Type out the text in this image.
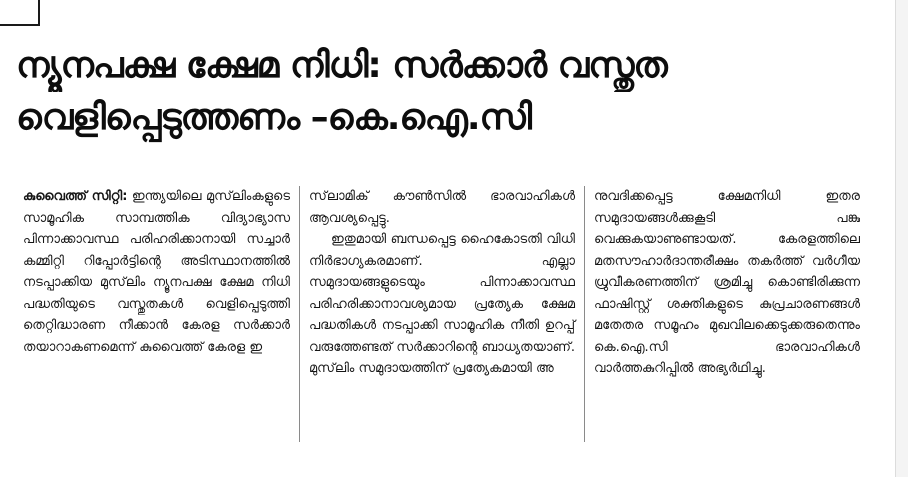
ന്യൂനപക്ഷ ക്ഷേമ നിധി: സർക്കാർ വസ്തുത
വെളിപ്പെടുത്തണം –കെ.ഐ.സി

കുവൈത്ത് സിറ്റി: ഇന്ത്യയിലെ മുസ്‌ലിംകളുടെ സാമൂഹിക സാമ്പത്തിക വിദ്യാഭ്യാസ പിന്നാക്കാവസ്ഥ പരിഹരിക്കാനായി സച്ചാർ കമ്മിറ്റി റിപ്പോർട്ടിന്റെ അടിസ്ഥാനത്തിൽ നടപ്പാക്കിയ മുസ്‌ലിം ന്യൂനപക്ഷ ക്ഷേമ നിധി പദ്ധതിയുടെ വസ്തുതകൾ വെളിപ്പെടുത്തി തെറ്റിദ്ധാരണ നീക്കാൻ കേരള സർക്കാർ തയാറാകണമെന്ന് കുവൈത്ത് കേരള ഇ

സ്‌ലാമിക് കൗൺസിൽ ഭാരവാഹികൾ ആവശ്യപ്പെട്ടു.

ഇതുമായി ബന്ധപ്പെട്ട ഹൈകോടതി വിധി നിർഭാഗ്യകരമാണ്. എല്ലാ സമുദായങ്ങളുടെയും പിന്നാക്കാവസ്ഥ പരിഹരിക്കാനാവശ്യമായ പ്രത്യേക ക്ഷേമ പദ്ധതികൾ നടപ്പാക്കി സാമൂഹിക നീതി ഉറപ്പ് വരുത്തേണ്ടത് സർക്കാറിന്റെ ബാധ്യതയാണ്. മുസ്‌ലിം സമുദായത്തിന് പ്രത്യേകമായി അ

നുവദിക്കപ്പെട്ട ക്ഷേമനിധി ഇതര സമുദായങ്ങൾക്കുകൂടി പങ്കു വെക്കുകയാണുണ്ടായത്. കേരളത്തിലെ മതസൗഹാർദാന്തരീക്ഷം തകർത്ത് വർഗീയ ധ്രുവീകരണത്തിന് ശ്രമിച്ചു കൊണ്ടിരിക്കുന്ന ഫാഷിസ്റ്റ് ശക്തികളുടെ കുപ്രചാരണങ്ങൾ മതേതര സമൂഹം മുഖവിലക്കെടുക്കരുതെന്നും കെ.ഐ.സി ഭാരവാഹികൾ വാർത്തകുറിപ്പിൽ അഭ്യർഥിച്ചു.
